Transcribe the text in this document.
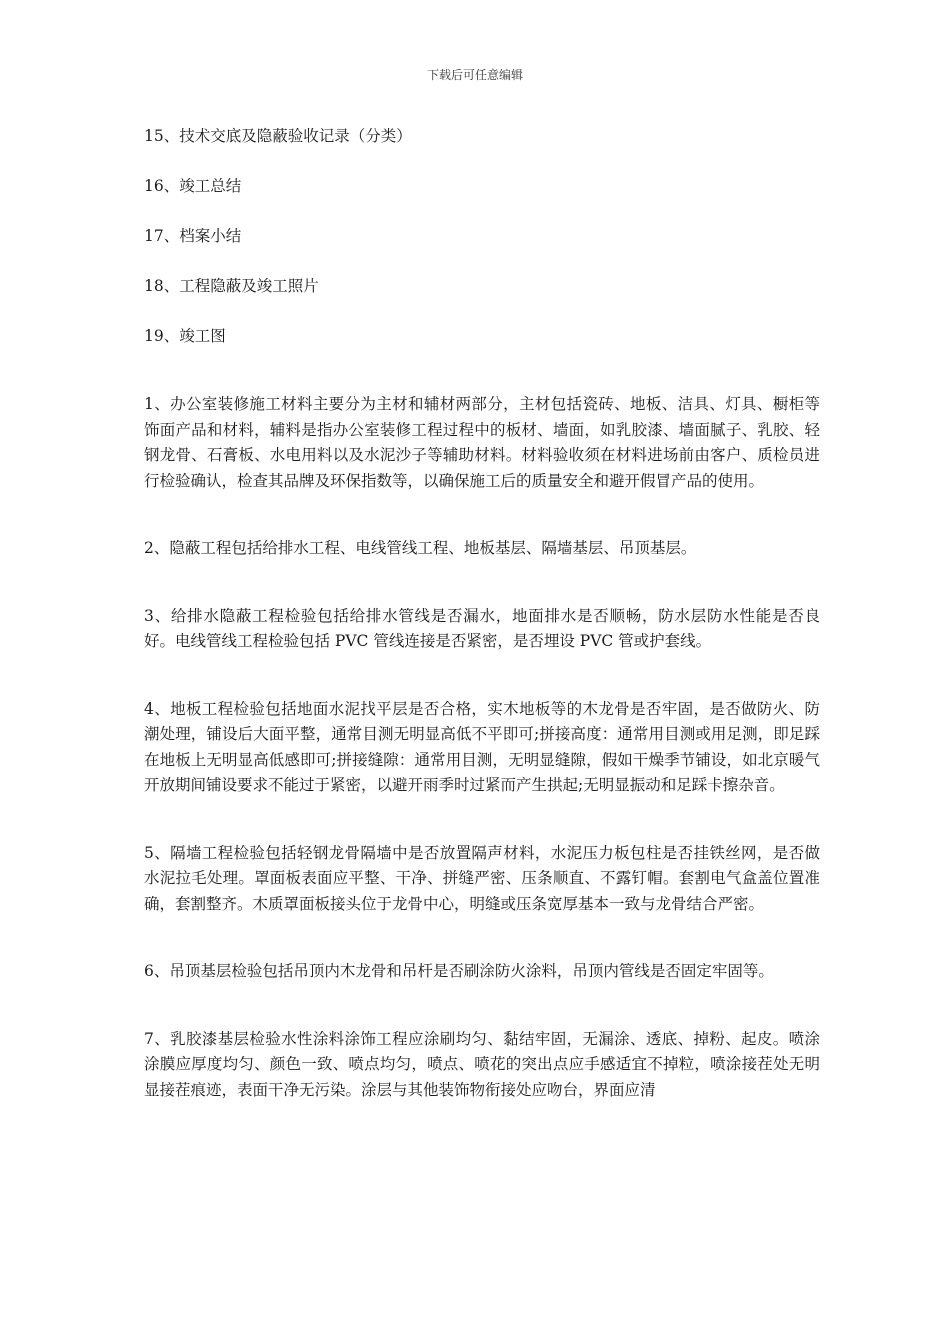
下载后可任意编辑
15、技术交底及隐蔽验收记录（分类）
16、竣工总结
17、档案小结
18、工程隐蔽及竣工照片
19、竣工图

1、办公室装修施工材料主要分为主材和辅材两部分，主材包括瓷砖、地板、洁具、灯具、橱柜等饰面产品和材料，辅料是指办公室装修工程过程中的板材、墙面，如乳胶漆、墙面腻子、乳胶、轻钢龙骨、石膏板、水电用料以及水泥沙子等辅助材料。材料验收须在材料进场前由客户、质检员进行检验确认，检查其品牌及环保指数等，以确保施工后的质量安全和避开假冒产品的使用。

2、隐蔽工程包括给排水工程、电线管线工程、地板基层、隔墙基层、吊顶基层。

3、给排水隐蔽工程检验包括给排水管线是否漏水，地面排水是否顺畅，防水层防水性能是否良好。电线管线工程检验包括 PVC 管线连接是否紧密，是否埋设 PVC 管或护套线。

4、地板工程检验包括地面水泥找平层是否合格，实木地板等的木龙骨是否牢固，是否做防火、防潮处理，铺设后大面平整，通常目测无明显高低不平即可;拼接高度：通常用目测或用足测，即足踩在地板上无明显高低感即可;拼接缝隙：通常用目测，无明显缝隙，假如干燥季节铺设，如北京暖气开放期间铺设要求不能过于紧密，以避开雨季时过紧而产生拱起;无明显振动和足踩卡擦杂音。

5、隔墙工程检验包括轻钢龙骨隔墙中是否放置隔声材料，水泥压力板包柱是否挂铁丝网，是否做水泥拉毛处理。罩面板表面应平整、干净、拼缝严密、压条顺直、不露钉帽。套割电气盒盖位置准确，套割整齐。木质罩面板接头位于龙骨中心，明缝或压条宽厚基本一致与龙骨结合严密。

6、吊顶基层检验包括吊顶内木龙骨和吊杆是否刷涂防火涂料，吊顶内管线是否固定牢固等。

7、乳胶漆基层检验水性涂料涂饰工程应涂刷均匀、黏结牢固，无漏涂、透底、掉粉、起皮。喷涂涂膜应厚度均匀、颜色一致、喷点均匀，喷点、喷花的突出点应手感适宜不掉粒，喷涂接茬处无明显接茬痕迹，表面干净无污染。涂层与其他装饰物衔接处应吻台，界面应清
